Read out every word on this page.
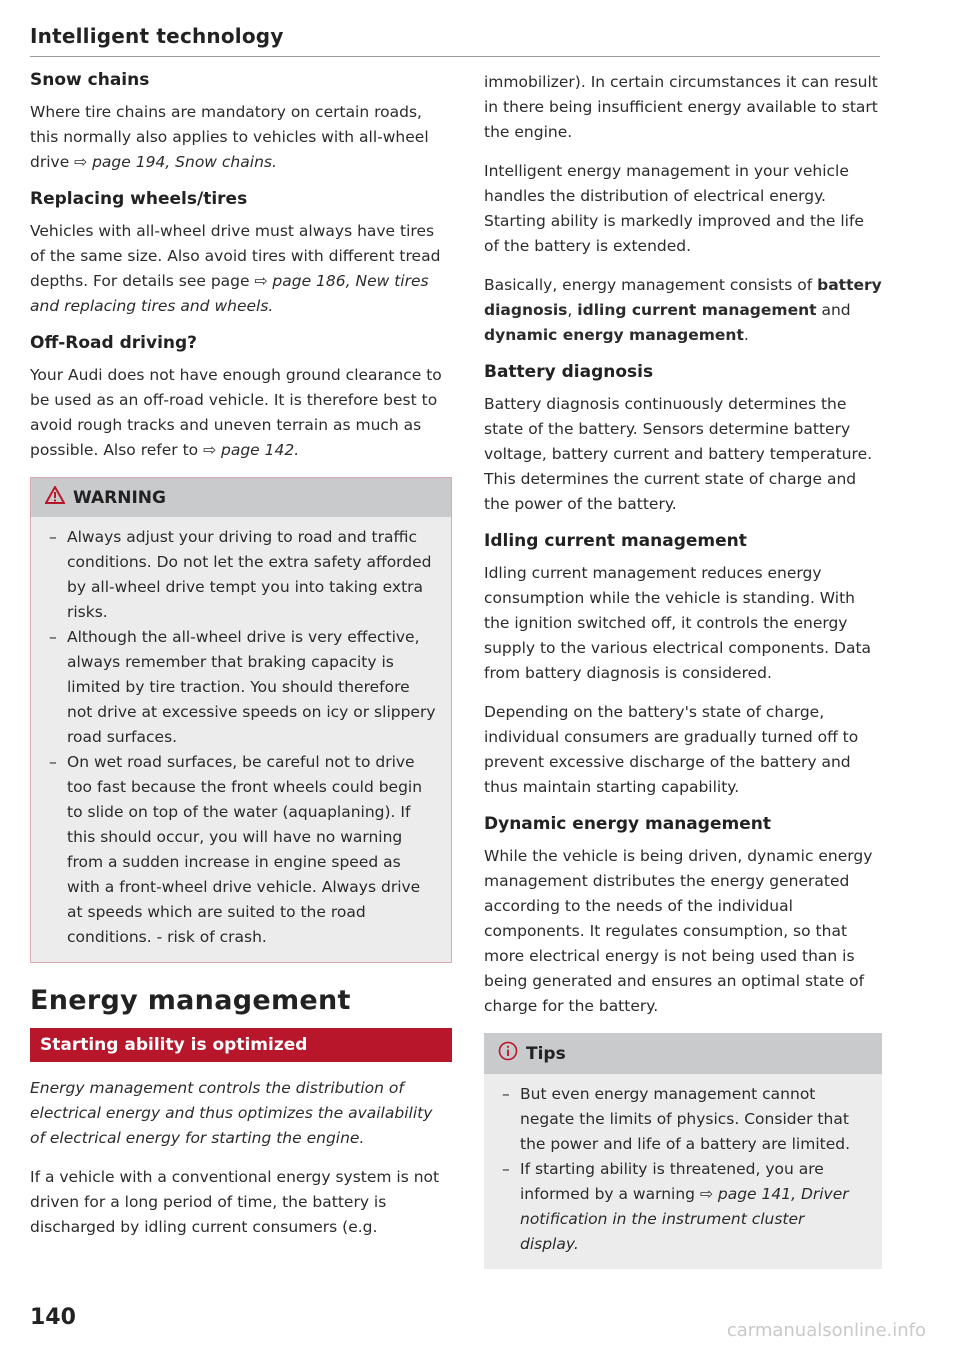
Intelligent technology
Snow chains

Where tire chains are mandatory on certain roads, this normally also applies to vehicles with all-wheel drive ⇨ page 194, Snow chains.

Replacing wheels/tires

Vehicles with all-wheel drive must always have tires of the same size. Also avoid tires with different tread depths. For details see page ⇨ page 186, New tires and replacing tires and wheels.

Off-Road driving?

Your Audi does not have enough ground clearance to be used as an off-road vehicle. It is therefore best to avoid rough tracks and uneven terrain as much as possible. Also refer to ⇨ page 142.

WARNING
– Always adjust your driving to road and traffic conditions. Do not let the extra safety afforded by all-wheel drive tempt you into taking extra risks.
– Although the all-wheel drive is very effective, always remember that braking capacity is limited by tire traction. You should therefore not drive at excessive speeds on icy or slippery road surfaces.
– On wet road surfaces, be careful not to drive too fast because the front wheels could begin to slide on top of the water (aquaplaning). If this should occur, you will have no warning from a sudden increase in engine speed as with a front-wheel drive vehicle. Always drive at speeds which are suited to the road conditions. - risk of crash.
Energy management
Starting ability is optimized

Energy management controls the distribution of electrical energy and thus optimizes the availability of electrical energy for starting the engine.

If a vehicle with a conventional energy system is not driven for a long period of time, the battery is discharged by idling current consumers (e.g.

immobilizer). In certain circumstances it can result in there being insufficient energy available to start the engine.

Intelligent energy management in your vehicle handles the distribution of electrical energy. Starting ability is markedly improved and the life of the battery is extended.

Basically, energy management consists of battery diagnosis, idling current management and dynamic energy management.

Battery diagnosis

Battery diagnosis continuously determines the state of the battery. Sensors determine battery voltage, battery current and battery temperature. This determines the current state of charge and the power of the battery.

Idling current management

Idling current management reduces energy consumption while the vehicle is standing. With the ignition switched off, it controls the energy supply to the various electrical components. Data from battery diagnosis is considered.

Depending on the battery's state of charge, individual consumers are gradually turned off to prevent excessive discharge of the battery and thus maintain starting capability.

Dynamic energy management

While the vehicle is being driven, dynamic energy management distributes the energy generated according to the needs of the individual components. It regulates consumption, so that more electrical energy is not being used than is being generated and ensures an optimal state of charge for the battery.

Tips
– But even energy management cannot negate the limits of physics. Consider that the power and life of a battery are limited.
– If starting ability is threatened, you are informed by a warning ⇨ page 141, Driver notification in the instrument cluster display.
140
carmanualsonline.info
